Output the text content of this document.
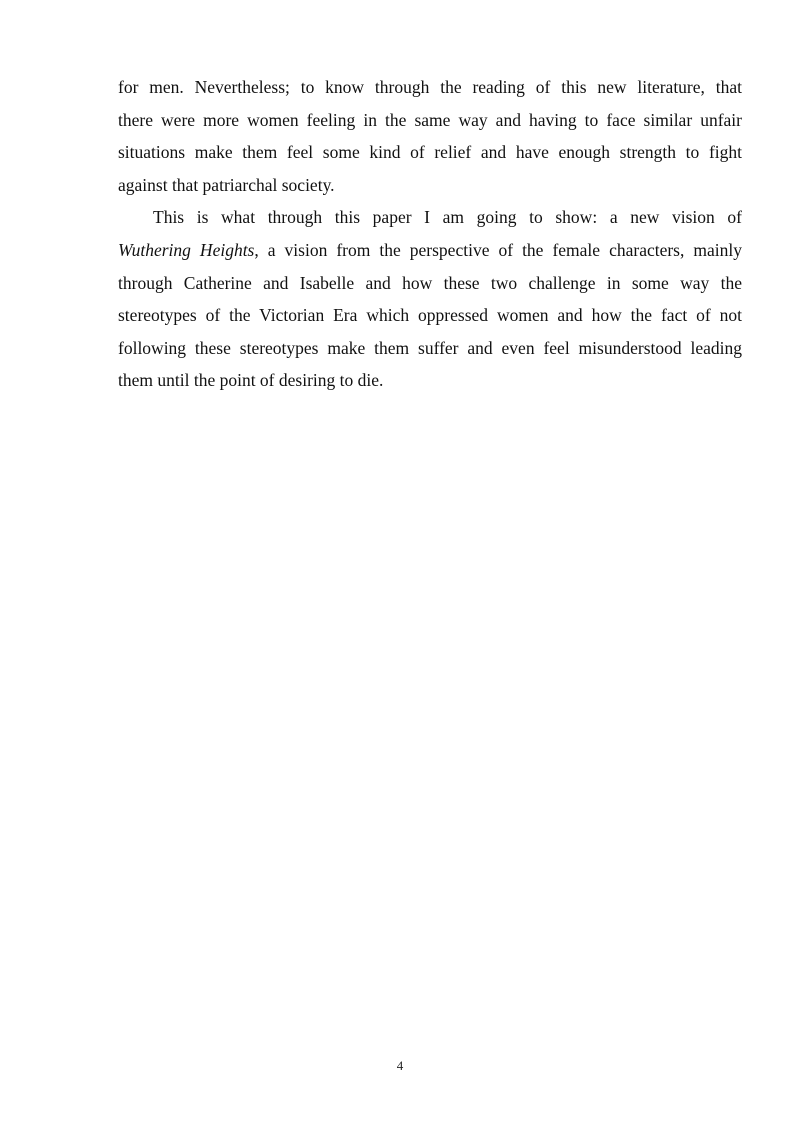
for men. Nevertheless; to know through the reading of this new literature, that
there were more women feeling in the same way and having to face similar unfair
situations make them feel some kind of relief and have enough strength to fight
against that patriarchal society.
This is what through this paper I am going to show: a new vision of
Wuthering Heights, a vision from the perspective of the female characters, mainly
through Catherine and Isabelle and how these two challenge in some way the
stereotypes of the Victorian Era which oppressed women and how the fact of not
following these stereotypes make them suffer and even feel misunderstood leading
them until the point of desiring to die.
4
